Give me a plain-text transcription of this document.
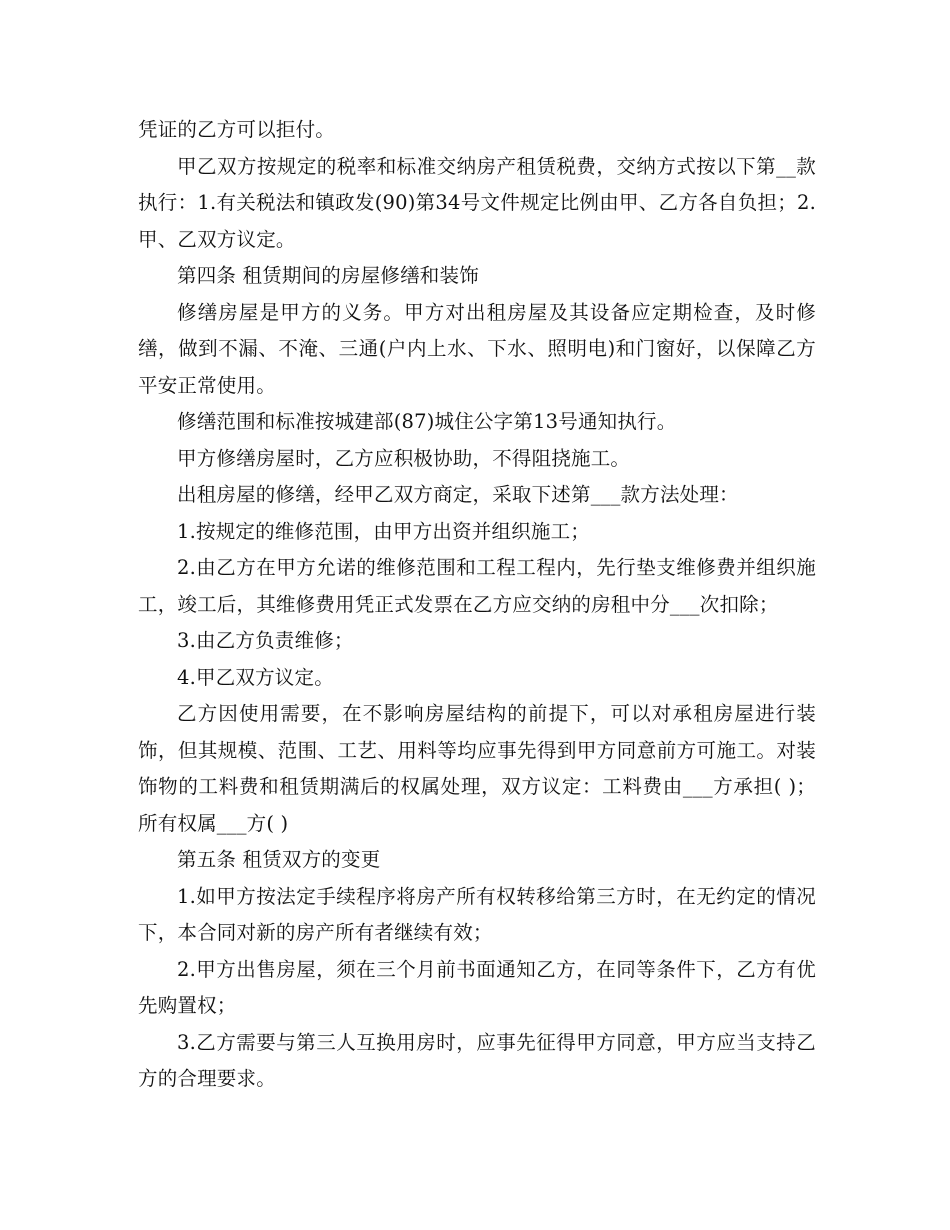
凭证的乙方可以拒付。

甲乙双方按规定的税率和标准交纳房产租赁税费，交纳方式按以下第__款执行：1.有关税法和镇政发(90)第34号文件规定比例由甲、乙方各自负担；2.甲、乙双方议定。

第四条 租赁期间的房屋修缮和装饰

修缮房屋是甲方的义务。甲方对出租房屋及其设备应定期检查，及时修缮，做到不漏、不淹、三通(户内上水、下水、照明电)和门窗好，以保障乙方平安正常使用。

修缮范围和标准按城建部(87)城住公字第13号通知执行。

甲方修缮房屋时，乙方应积极协助，不得阻挠施工。

出租房屋的修缮，经甲乙双方商定，采取下述第___款方法处理：

1.按规定的维修范围，由甲方出资并组织施工；

2.由乙方在甲方允诺的维修范围和工程工程内，先行垫支维修费并组织施工，竣工后，其维修费用凭正式发票在乙方应交纳的房租中分___次扣除；

3.由乙方负责维修；

4.甲乙双方议定。

乙方因使用需要，在不影响房屋结构的前提下，可以对承租房屋进行装饰，但其规模、范围、工艺、用料等均应事先得到甲方同意前方可施工。对装饰物的工料费和租赁期满后的权属处理，双方议定：工料费由___方承担( )；所有权属___方( )

第五条 租赁双方的变更

1.如甲方按法定手续程序将房产所有权转移给第三方时，在无约定的情况下，本合同对新的房产所有者继续有效；

2.甲方出售房屋，须在三个月前书面通知乙方，在同等条件下，乙方有优先购置权；

3.乙方需要与第三人互换用房时，应事先征得甲方同意，甲方应当支持乙方的合理要求。
